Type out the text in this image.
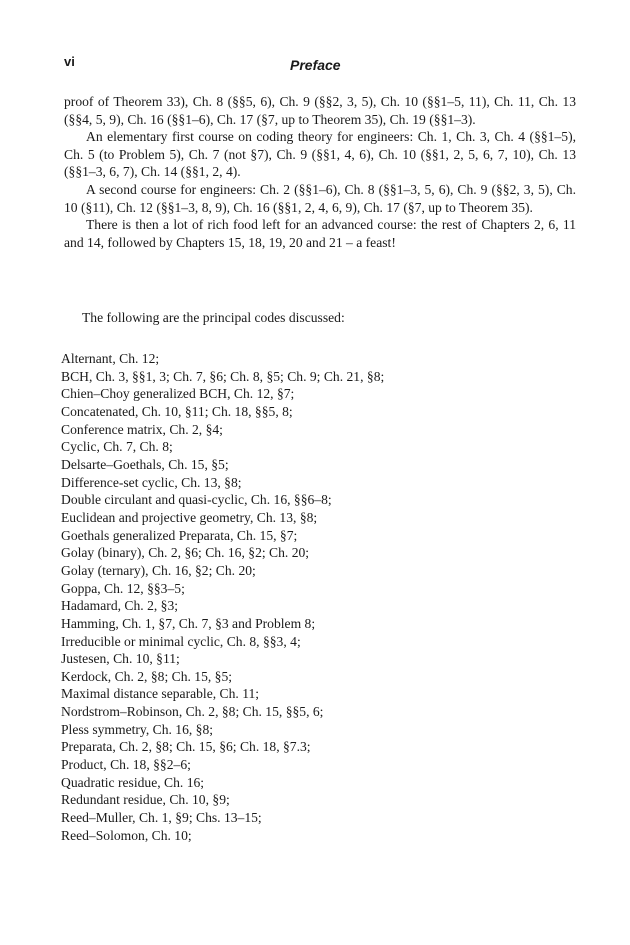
vi	Preface

proof of Theorem 33), Ch. 8 (§§5, 6), Ch. 9 (§§2, 3, 5), Ch. 10 (§§1–5, 11), Ch. 11, Ch. 13 (§§4, 5, 9), Ch. 16 (§§1–6), Ch. 17 (§7, up to Theorem 35), Ch. 19 (§§1–3).

An elementary first course on coding theory for engineers: Ch. 1, Ch. 3, Ch. 4 (§§1–5), Ch. 5 (to Problem 5), Ch. 7 (not §7), Ch. 9 (§§1, 4, 6), Ch. 10 (§§1, 2, 5, 6, 7, 10), Ch. 13 (§§1–3, 6, 7), Ch. 14 (§§1, 2, 4).

A second course for engineers: Ch. 2 (§§1–6), Ch. 8 (§§1–3, 5, 6), Ch. 9 (§§2, 3, 5), Ch. 10 (§11), Ch. 12 (§§1–3, 8, 9), Ch. 16 (§§1, 2, 4, 6, 9), Ch. 17 (§7, up to Theorem 35).

There is then a lot of rich food left for an advanced course: the rest of Chapters 2, 6, 11 and 14, followed by Chapters 15, 18, 19, 20 and 21 – a feast!

The following are the principal codes discussed:
Alternant, Ch. 12;
BCH, Ch. 3, §§1, 3; Ch. 7, §6; Ch. 8, §5; Ch. 9; Ch. 21, §8;
Chien–Choy generalized BCH, Ch. 12, §7;
Concatenated, Ch. 10, §11; Ch. 18, §§5, 8;
Conference matrix, Ch. 2, §4;
Cyclic, Ch. 7, Ch. 8;
Delsarte–Goethals, Ch. 15, §5;
Difference-set cyclic, Ch. 13, §8;
Double circulant and quasi-cyclic, Ch. 16, §§6–8;
Euclidean and projective geometry, Ch. 13, §8;
Goethals generalized Preparata, Ch. 15, §7;
Golay (binary), Ch. 2, §6; Ch. 16, §2; Ch. 20;
Golay (ternary), Ch. 16, §2; Ch. 20;
Goppa, Ch. 12, §§3–5;
Hadamard, Ch. 2, §3;
Hamming, Ch. 1, §7, Ch. 7, §3 and Problem 8;
Irreducible or minimal cyclic, Ch. 8, §§3, 4;
Justesen, Ch. 10, §11;
Kerdock, Ch. 2, §8; Ch. 15, §5;
Maximal distance separable, Ch. 11;
Nordstrom–Robinson, Ch. 2, §8; Ch. 15, §§5, 6;
Pless symmetry, Ch. 16, §8;
Preparata, Ch. 2, §8; Ch. 15, §6; Ch. 18, §7.3;
Product, Ch. 18, §§2–6;
Quadratic residue, Ch. 16;
Redundant residue, Ch. 10, §9;
Reed–Muller, Ch. 1, §9; Chs. 13–15;
Reed–Solomon, Ch. 10;
